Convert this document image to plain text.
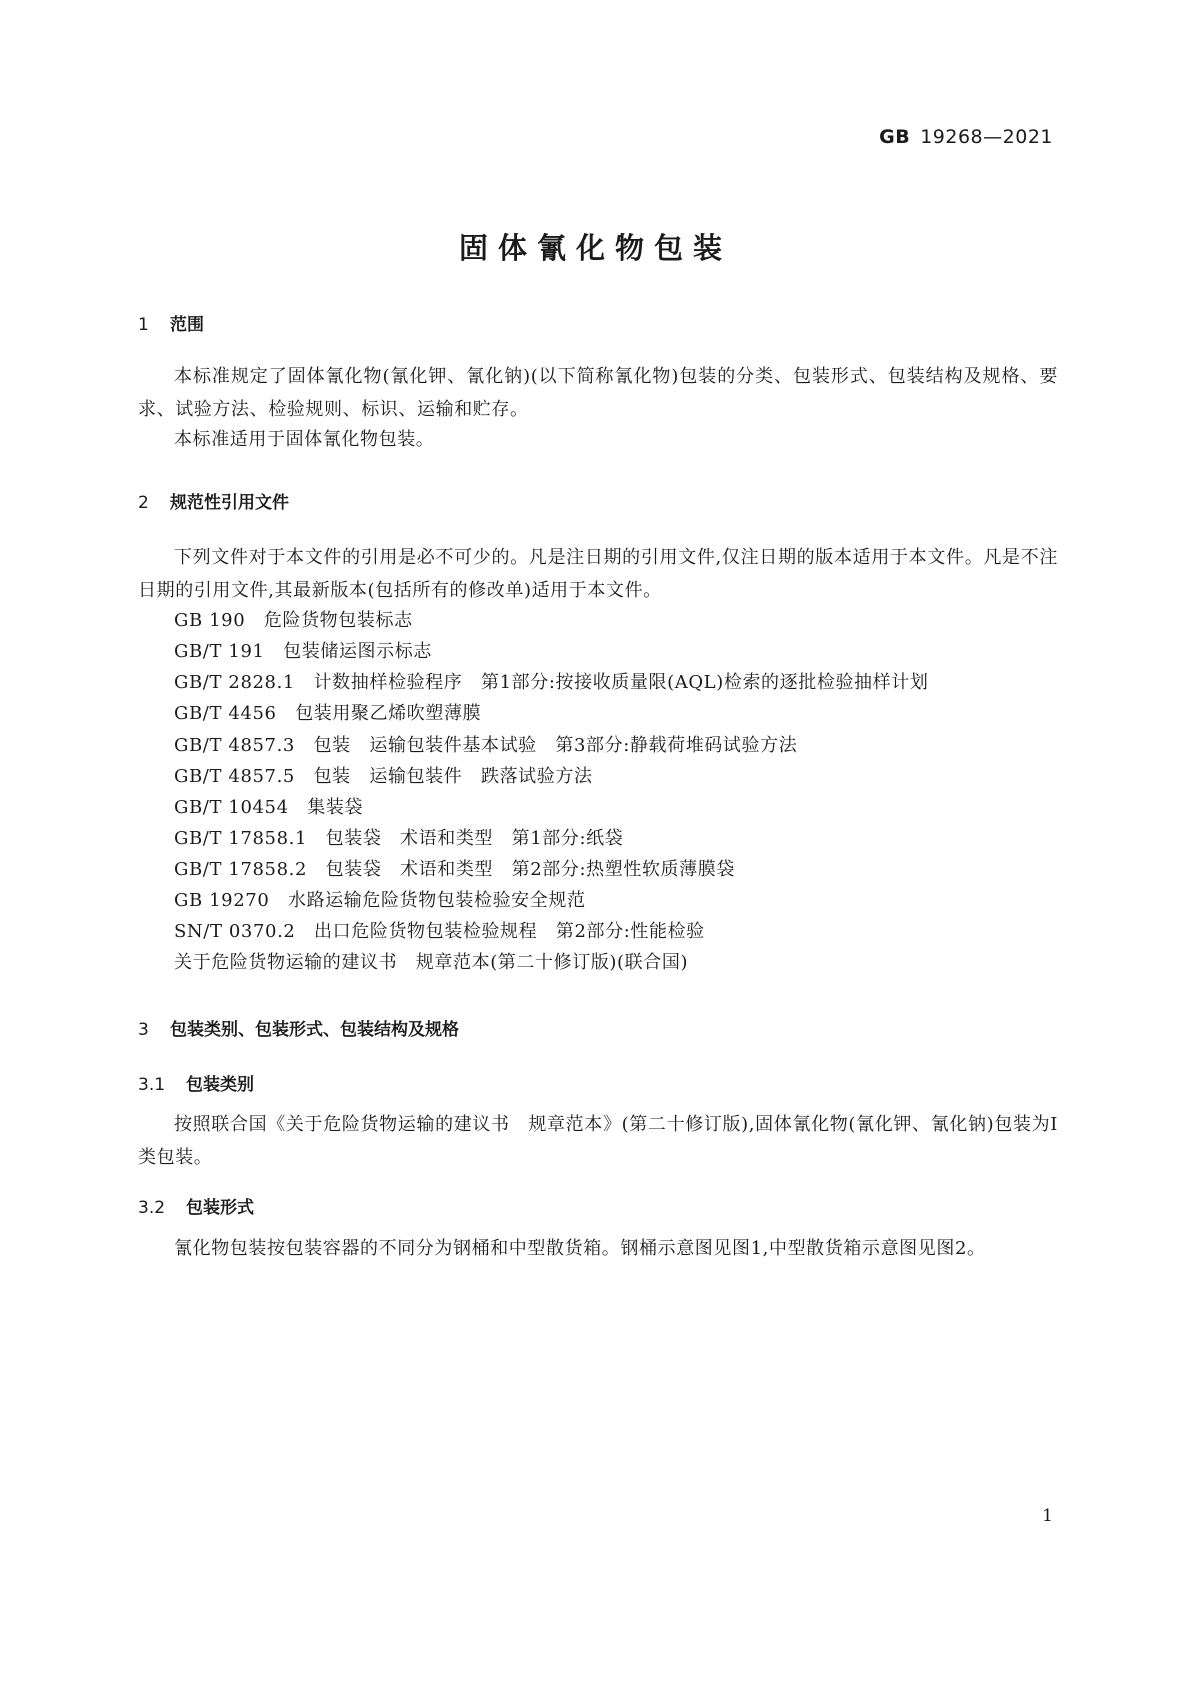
GB 19268—2021
固体氰化物包装
1 范围
本标准规定了固体氰化物(氰化钾、氰化钠)(以下简称氰化物)包装的分类、包装形式、包装结构及规格、要求、试验方法、检验规则、标识、运输和贮存。
本标准适用于固体氰化物包装。
2 规范性引用文件
下列文件对于本文件的引用是必不可少的。凡是注日期的引用文件,仅注日期的版本适用于本文件。凡是不注日期的引用文件,其最新版本(包括所有的修改单)适用于本文件。
GB 190　危险货物包装标志
GB/T 191　包装储运图示标志
GB/T 2828.1　计数抽样检验程序　第1部分:按接收质量限(AQL)检索的逐批检验抽样计划
GB/T 4456　包装用聚乙烯吹塑薄膜
GB/T 4857.3　包装　运输包装件基本试验　第3部分:静载荷堆码试验方法
GB/T 4857.5　包装　运输包装件　跌落试验方法
GB/T 10454　集装袋
GB/T 17858.1　包装袋　术语和类型　第1部分:纸袋
GB/T 17858.2　包装袋　术语和类型　第2部分:热塑性软质薄膜袋
GB 19270　水路运输危险货物包装检验安全规范
SN/T 0370.2　出口危险货物包装检验规程　第2部分:性能检验
关于危险货物运输的建议书　规章范本(第二十修订版)(联合国)
3 包装类别、包装形式、包装结构及规格
3.1 包装类别
按照联合国《关于危险货物运输的建议书　规章范本》(第二十修订版),固体氰化物(氰化钾、氰化钠)包装为Ⅰ类包装。
3.2 包装形式
氰化物包装按包装容器的不同分为钢桶和中型散货箱。钢桶示意图见图1,中型散货箱示意图见图2。
1
